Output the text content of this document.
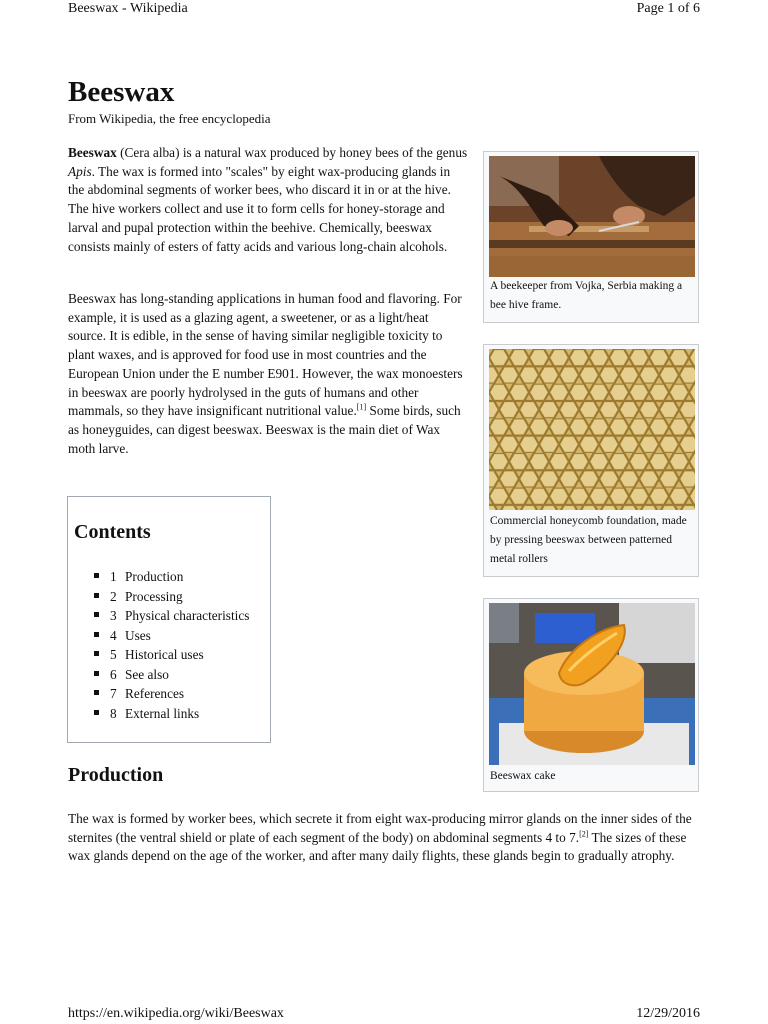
Beeswax - Wikipedia	Page 1 of 6
Beeswax
From Wikipedia, the free encyclopedia

Beeswax (Cera alba) is a natural wax produced by honey bees of the genus Apis. The wax is formed into "scales" by eight wax-producing glands in the abdominal segments of worker bees, who discard it in or at the hive. The hive workers collect and use it to form cells for honey-storage and larval and pupal protection within the beehive. Chemically, beeswax consists mainly of esters of fatty acids and various long-chain alcohols.

Beeswax has long-standing applications in human food and flavoring. For example, it is used as a glazing agent, a sweetener, or as a light/heat source. It is edible, in the sense of having similar negligible toxicity to plant waxes, and is approved for food use in most countries and the European Union under the E number E901. However, the wax monoesters in beeswax are poorly hydrolysed in the guts of humans and other mammals, so they have insignificant nutritional value.[1] Some birds, such as honeyguides, can digest beeswax. Beeswax is the main diet of Wax moth larve.

Contents
1 Production
2 Processing
3 Physical characteristics
4 Uses
5 Historical uses
6 See also
7 References
8 External links
Production

The wax is formed by worker bees, which secrete it from eight wax-producing mirror glands on the inner sides of the sternites (the ventral shield or plate of each segment of the body) on abdominal segments 4 to 7.[2] The sizes of these wax glands depend on the age of the worker, and after many daily flights, these glands begin to gradually atrophy.

A beekeeper from Vojka, Serbia making a bee hive frame.
Commercial honeycomb foundation, made by pressing beeswax between patterned metal rollers
Beeswax cake
https://en.wikipedia.org/wiki/Beeswax	12/29/2016
